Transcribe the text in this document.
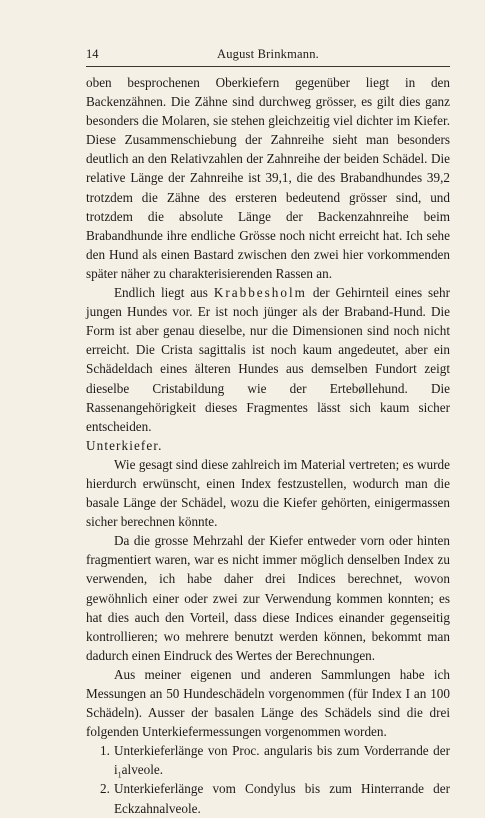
14	August Brinkmann.

oben besprochenen Oberkiefern gegenüber liegt in den Backenzähnen. Die Zähne sind durchweg grösser, es gilt dies ganz besonders die Molaren, sie stehen gleichzeitig viel dichter im Kiefer. Diese Zusammenschiebung der Zahnreihe sieht man besonders deutlich an den Relativzahlen der Zahnreihe der beiden Schädel. Die relative Länge der Zahnreihe ist 39,1, die des Brabandhundes 39,2 trotzdem die Zähne des ersteren bedeutend grösser sind, und trotzdem die absolute Länge der Backenzahnreihe beim Brabandhunde ihre endliche Grösse noch nicht erreicht hat. Ich sehe den Hund als einen Bastard zwischen den zwei hier vorkommenden später näher zu charakterisierenden Rassen an.

Endlich liegt aus Krabbesholm der Gehirnteil eines sehr jungen Hundes vor. Er ist noch jünger als der Braband-Hund. Die Form ist aber genau dieselbe, nur die Dimensionen sind noch nicht erreicht. Die Crista sagittalis ist noch kaum angedeutet, aber ein Schädeldach eines älteren Hundes aus demselben Fundort zeigt dieselbe Cristabildung wie der Ertebøllehund. Die Rassenangehörigkeit dieses Fragmentes lässt sich kaum sicher entscheiden.

Unterkiefer.

Wie gesagt sind diese zahlreich im Material vertreten; es wurde hierdurch erwünscht, einen Index festzustellen, wodurch man die basale Länge der Schädel, wozu die Kiefer gehörten, einigermassen sicher berechnen könnte.

Da die grosse Mehrzahl der Kiefer entweder vorn oder hinten fragmentiert waren, war es nicht immer möglich denselben Index zu verwenden, ich habe daher drei Indices berechnet, wovon gewöhnlich einer oder zwei zur Verwendung kommen konnten; es hat dies auch den Vorteil, dass diese Indices einander gegenseitig kontrollieren; wo mehrere benutzt werden können, bekommt man dadurch einen Eindruck des Wertes der Berechnungen.

Aus meiner eigenen und anderen Sammlungen habe ich Messungen an 50 Hundeschädeln vorgenommen (für Index I an 100 Schädeln). Ausser der basalen Länge des Schädels sind die drei folgenden Unterkiefermessungen vorgenommen worden.

1. Unterkieferlänge von Proc. angularis bis zum Vorderrande der $i_1alveole$.
2. Unterkieferlänge vom Condylus bis zum Hinterrande der Eckzahnalveole.
